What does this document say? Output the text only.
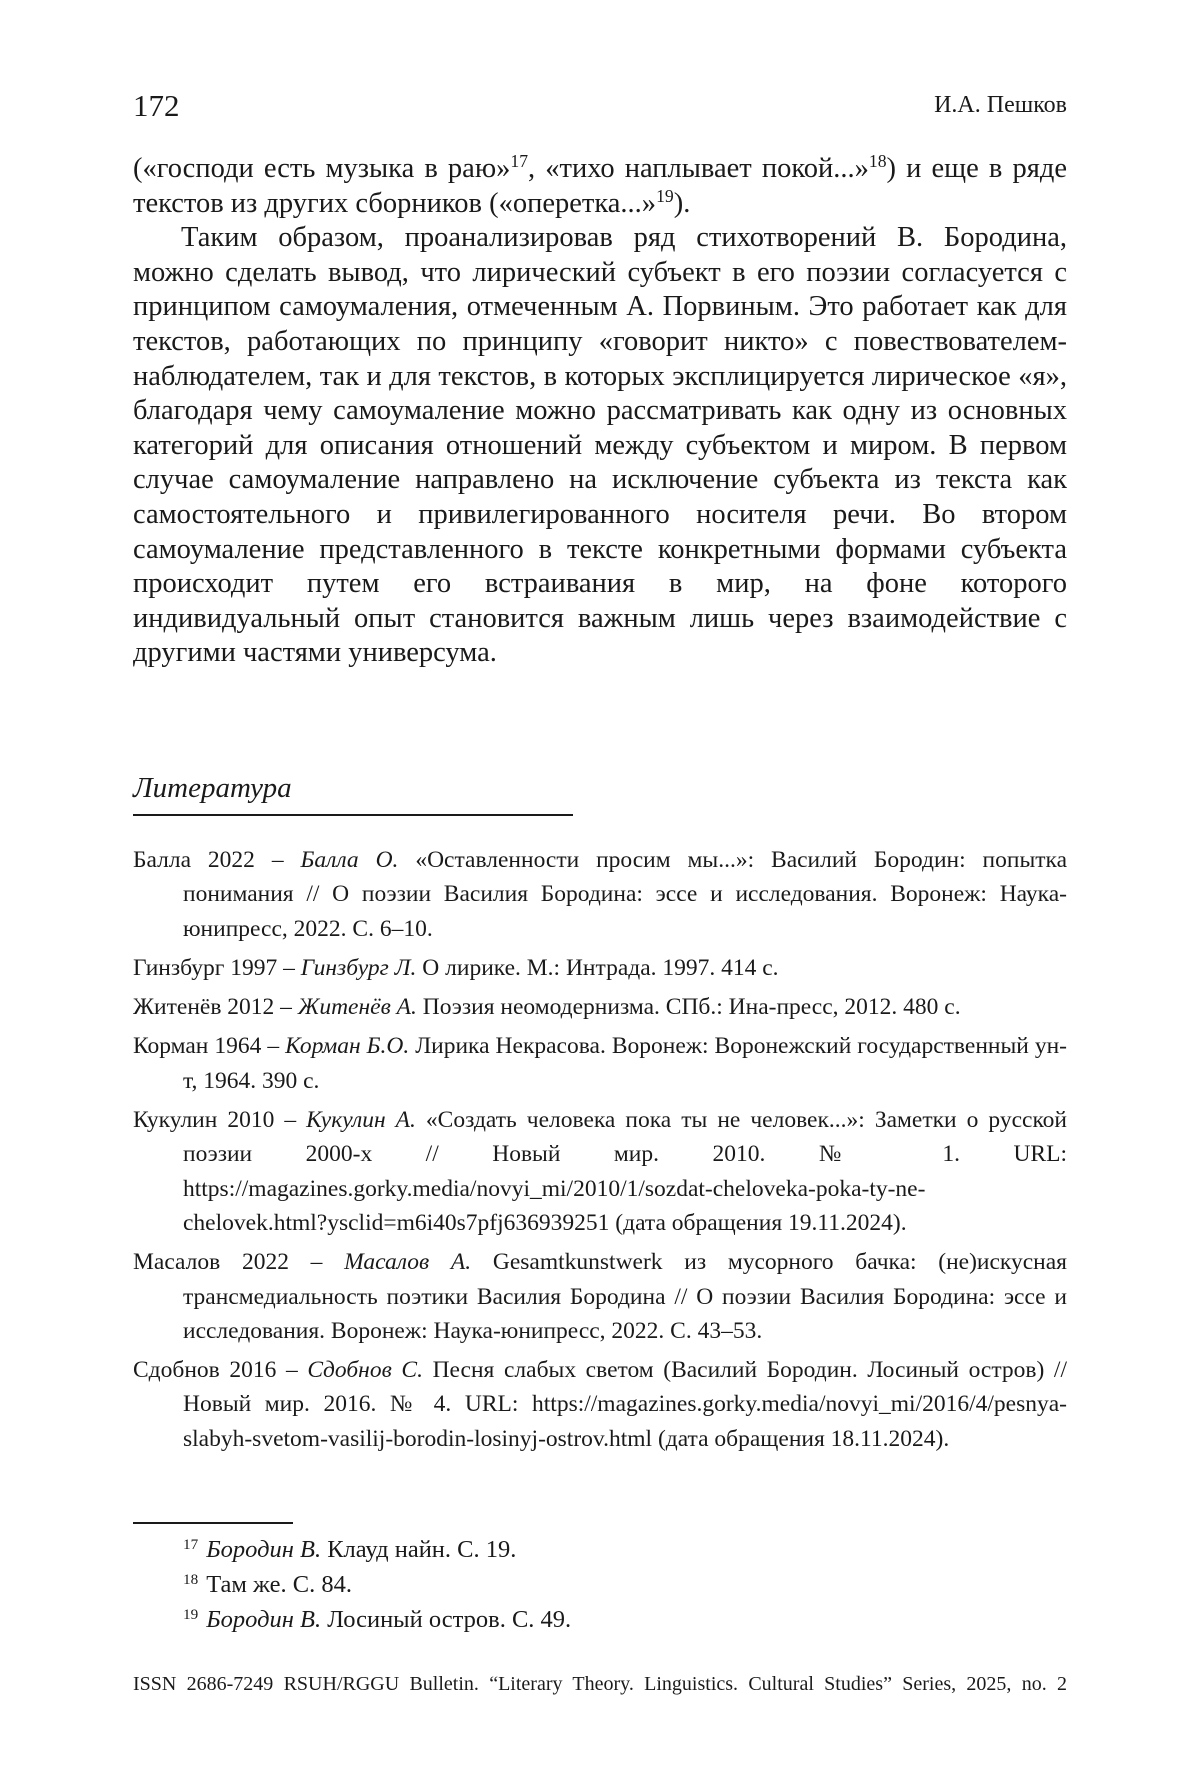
172	И.А. Пешков

(«господи есть музыка в раю»$^{17}$, «тихо наплывает покой...»$^{18}$) и еще в ряде текстов из других сборников («оперетка...»$^{19}$).

Таким образом, проанализировав ряд стихотворений В. Бородина, можно сделать вывод, что лирический субъект в его поэзии согласуется с принципом самоумаления, отмеченным А. Порвиным. Это работает как для текстов, работающих по принципу «говорит никто» с повествователем-наблюдателем, так и для текстов, в которых эксплицируется лирическое «я», благодаря чему самоумаление можно рассматривать как одну из основных категорий для описания отношений между субъектом и миром. В первом случае самоумаление направлено на исключение субъекта из текста как самостоятельного и привилегированного носителя речи. Во втором самоумаление представленного в тексте конкретными формами субъекта происходит путем его встраивания в мир, на фоне которого индивидуальный опыт становится важным лишь через взаимодействие с другими частями универсума.

Литература
Балла 2022 – Балла О. «Оставленности просим мы...»: Василий Бородин: попытка понимания // О поэзии Василия Бородина: эссе и исследования. Воронеж: Наука-юнипресс, 2022. С. 6–10.
Гинзбург 1997 – Гинзбург Л. О лирике. М.: Интрада. 1997. 414 с.
Житенёв 2012 – Житенёв А. Поэзия неомодернизма. СПб.: Ина-пресс, 2012. 480 с.
Корман 1964 – Корман Б.О. Лирика Некрасова. Воронеж: Воронежский государственный ун-т, 1964. 390 с.
Кукулин 2010 – Кукулин А. «Создать человека пока ты не человек...»: Заметки о русской поэзии 2000-х // Новый мир. 2010. № 1. URL: https://magazines.gorky.media/novyi_mi/2010/1/sozdat-cheloveka-poka-ty-ne-chelovek.html?ysclid=m6i40s7pfj636939251 (дата обращения 19.11.2024).
Масалов 2022 – Масалов А. Gesamtkunstwerk из мусорного бачка: (не)искусная трансмедиальность поэтики Василия Бородина // О поэзии Василия Бородина: эссе и исследования. Воронеж: Наука-юнипресс, 2022. С. 43–53.
Сдобнов 2016 – Сдобнов С. Песня слабых светом (Василий Бородин. Лосиный остров) // Новый мир. 2016. № 4. URL: https://magazines.gorky.media/novyi_mi/2016/4/pesnya-slabyh-svetom-vasilij-borodin-losinyj-ostrov.html (дата обращения 18.11.2024).
$^{17}$ Бородин В. Клауд найн. С. 19.
$^{18}$ Там же. С. 84.
$^{19}$ Бородин В. Лосиный остров. С. 49.
ISSN 2686-7249 RSUH/RGGU Bulletin. “Literary Theory. Linguistics. Cultural Studies” Series, 2025, no. 2
